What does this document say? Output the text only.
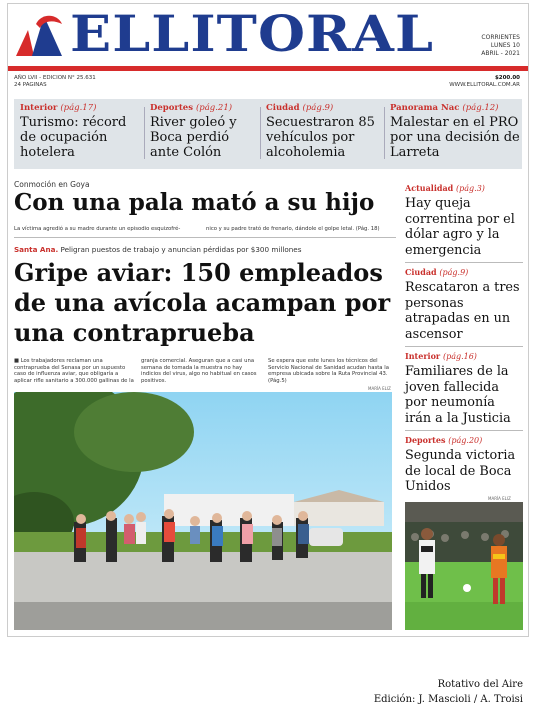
ELLITORAL	CORRIENTES
LUNES 10
ABRIL - 2021
AÑO LVII - EDICION N° 25.631
24 PAGINAS
$200.00
WWW.ELLITORAL.COM.AR
Interior (pág.17)
Turismo: récord de ocupación hotelera
Deportes (pág.21)
River goleó y Boca perdió ante Colón
Ciudad (pág.9)
Secuestraron 85 vehículos por alcoholemia
Panorama Nac (pág.12)
Malestar en el PRO por una decisión de Larreta
Conmoción en Goya
Con una pala mató a su hijo
La víctima agredió a su madre durante un episodio esquizofré-	nico y su padre trató de frenarlo, dándole el golpe letal. (Pág. 18)
Santa Ana. Peligran puestos de trabajo y anuncian pérdidas por $300 millones
Gripe aviar: 150 empleados de una avícola acampan por una contraprueba
■ Los trabajadores reclaman una contraprueba del Senasa por un supuesto caso de influenza aviar, que obligaría a aplicar rifle sanitario a 300.000 gallinas de la
granja comercial. Aseguran que a casi una semana de tomada la muestra no hay indicios del virus, algo no habitual en casos positivos.
Se espera que este lunes los técnicos del Servicio Nacional de Sanidad acudan hasta la empresa ubicada sobre la Ruta Provincial 43. (Pág.5)
MARÍA ELIZ
Actualidad (pág.3)
Hay queja correntina por el dólar agro y la emergencia
Ciudad (pág.9)
Rescataron a tres personas atrapadas en un ascensor
Interior (pág.16)
Familiares de la joven fallecida por neumonía irán a la Justicia
Deportes (pág.20)
Segunda victoria de local de Boca Unidos
MARÍA ELIZ
Rotativo del Aire
Edición: J. Mascioli / A. Troisi
